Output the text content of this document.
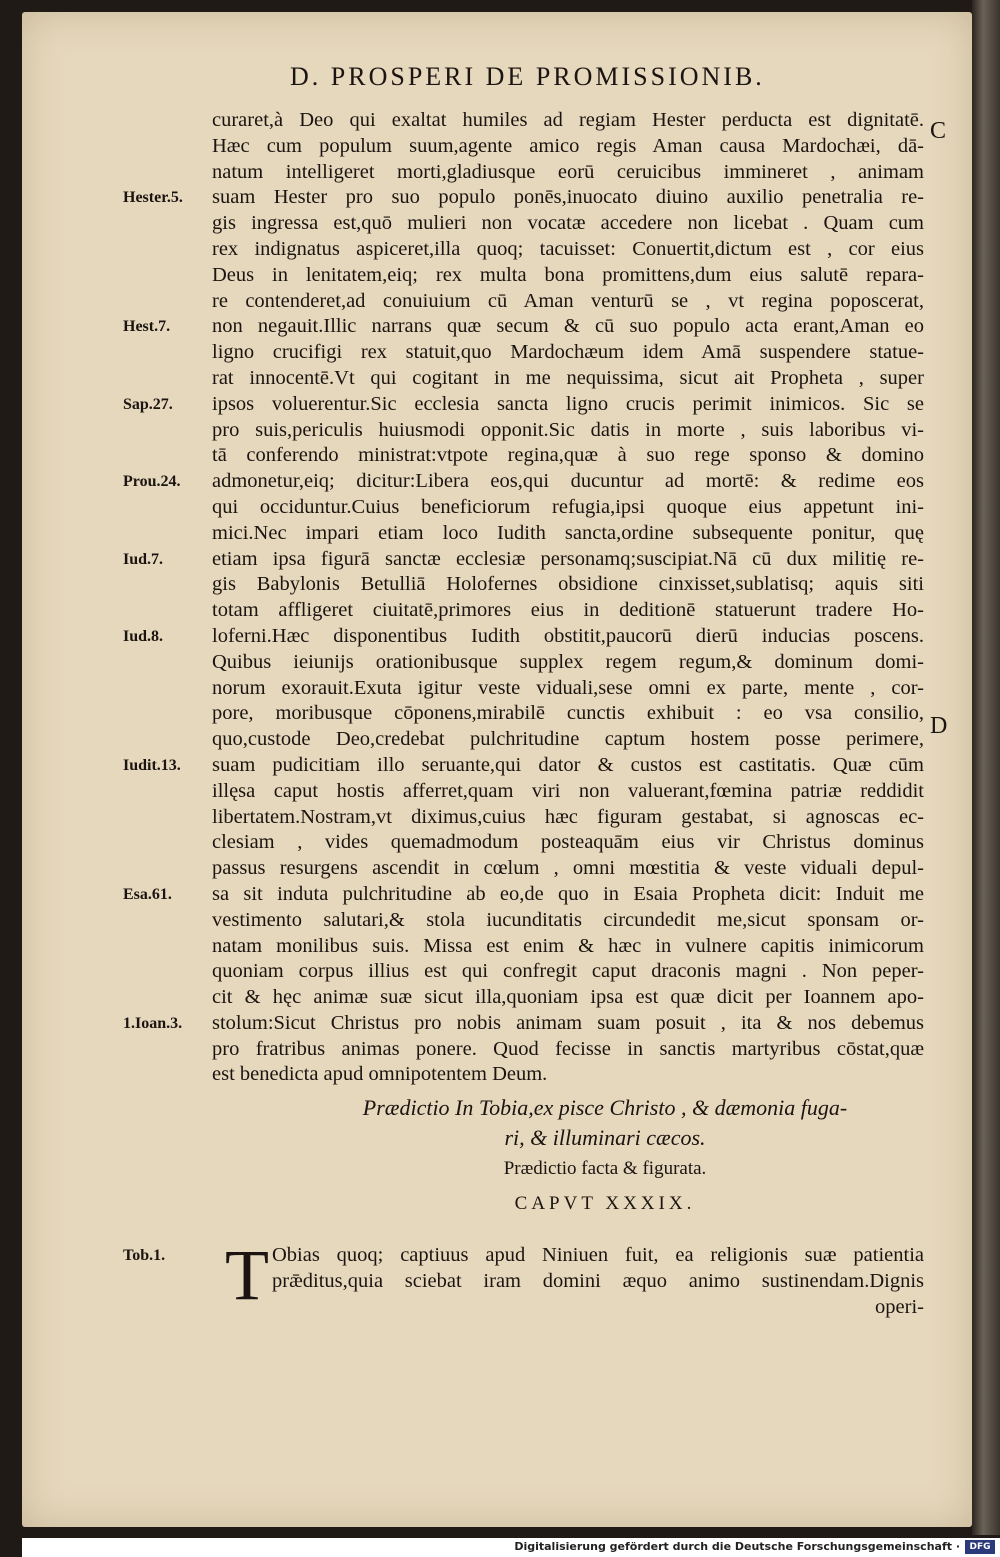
D. PROSPERI DE PROMISSIONIB.
C
D
curaret,à Deo qui exaltat humiles ad regiam Hester perducta est dignitatē.
Hæc cum populum suum,agente amico regis Aman causa Mardochæi, dā-
natum intelligeret morti,gladiusque eorū ceruicibus immineret , animam
suam Hester pro suo populo ponēs,inuocato diuino auxilio penetralia re-
gis ingressa est,quō mulieri non vocatæ accedere non licebat . Quam cum
rex indignatus aspiceret,illa quoq; tacuisset: Conuertit,dictum est , cor eius
Deus in lenitatem,eiq; rex multa bona promittens,dum eius salutē repara-
re contenderet,ad conuiuium cū Aman venturū se , vt regina poposcerat,
non negauit.Illic narrans quæ secum & cū suo populo acta erant,Aman eo
ligno crucifigi rex statuit,quo Mardochæum idem Amā suspendere statue-
rat innocentē.Vt qui cogitant in me nequissima, sicut ait Propheta , super
ipsos voluerentur.Sic ecclesia sancta ligno crucis perimit inimicos. Sic se
pro suis,periculis huiusmodi opponit.Sic datis in morte , suis laboribus vi-
tā conferendo ministrat:vtpote regina,quæ à suo rege sponso & domino
admonetur,eiq; dicitur:Libera eos,qui ducuntur ad mortē: & redime eos
qui occiduntur.Cuius beneficiorum refugia,ipsi quoque eius appetunt ini-
mici.Nec impari etiam loco Iudith sancta,ordine subsequente ponitur, quę
etiam ipsa figurā sanctæ ecclesiæ personamq;suscipiat.Nā cū dux militię re-
gis Babylonis Betulliā Holofernes obsidione cinxisset,sublatisq; aquis siti
totam affligeret ciuitatē,primores eius in deditionē statuerunt tradere Ho-
loferni.Hæc disponentibus Iudith obstitit,paucorū dierū inducias poscens.
Quibus ieiunijs orationibusque supplex regem regum,& dominum domi-
norum exorauit.Exuta igitur veste viduali,sese omni ex parte, mente , cor-
pore, moribusque cōponens,mirabilē cunctis exhibuit : eo vsa consilio,
quo,custode Deo,credebat pulchritudine captum hostem posse perimere,
suam pudicitiam illo seruante,qui dator & custos est castitatis. Quæ cūm
illęsa caput hostis afferret,quam viri non valuerant,fœmina patriæ reddidit
libertatem.Nostram,vt diximus,cuius hæc figuram gestabat, si agnoscas ec-
clesiam , vides quemadmodum posteaquām eius vir Christus dominus
passus resurgens ascendit in cœlum , omni mœstitia & veste viduali depul-
sa sit induta pulchritudine ab eo,de quo in Esaia Propheta dicit: Induit me
vestimento salutari,& stola iucunditatis circundedit me,sicut sponsam or-
natam monilibus suis. Missa est enim & hæc in vulnere capitis inimicorum
quoniam corpus illius est qui confregit caput draconis magni . Non peper-
cit & hęc animæ suæ sicut illa,quoniam ipsa est quæ dicit per Ioannem apo-
stolum:Sicut Christus pro nobis animam suam posuit , ita & nos debemus
pro fratribus animas ponere. Quod fecisse in sanctis martyribus cōstat,quæ
est benedicta apud omnipotentem Deum.
Hester.5.
Hest.7.
Sap.27.
Prou.24.
Iud.7.
Iud.8.
Iudit.13.
Esa.61.
1.Ioan.3.
Prædictio In Tobia,ex pisce Christo , & dæmonia fuga-
ri, & illuminari cæcos.
Prædictio facta & figurata.
CAPVT XXXIX.
Tob.1. T Obias quoq; captiuus apud Niniuen fuit, ea religionis suæ patientia
prǣditus,quia sciebat iram domini æquo animo sustinendam.Dignis
operi-
Digitalisierung gefördert durch die Deutsche Forschungsgemeinschaft ·	DFG
